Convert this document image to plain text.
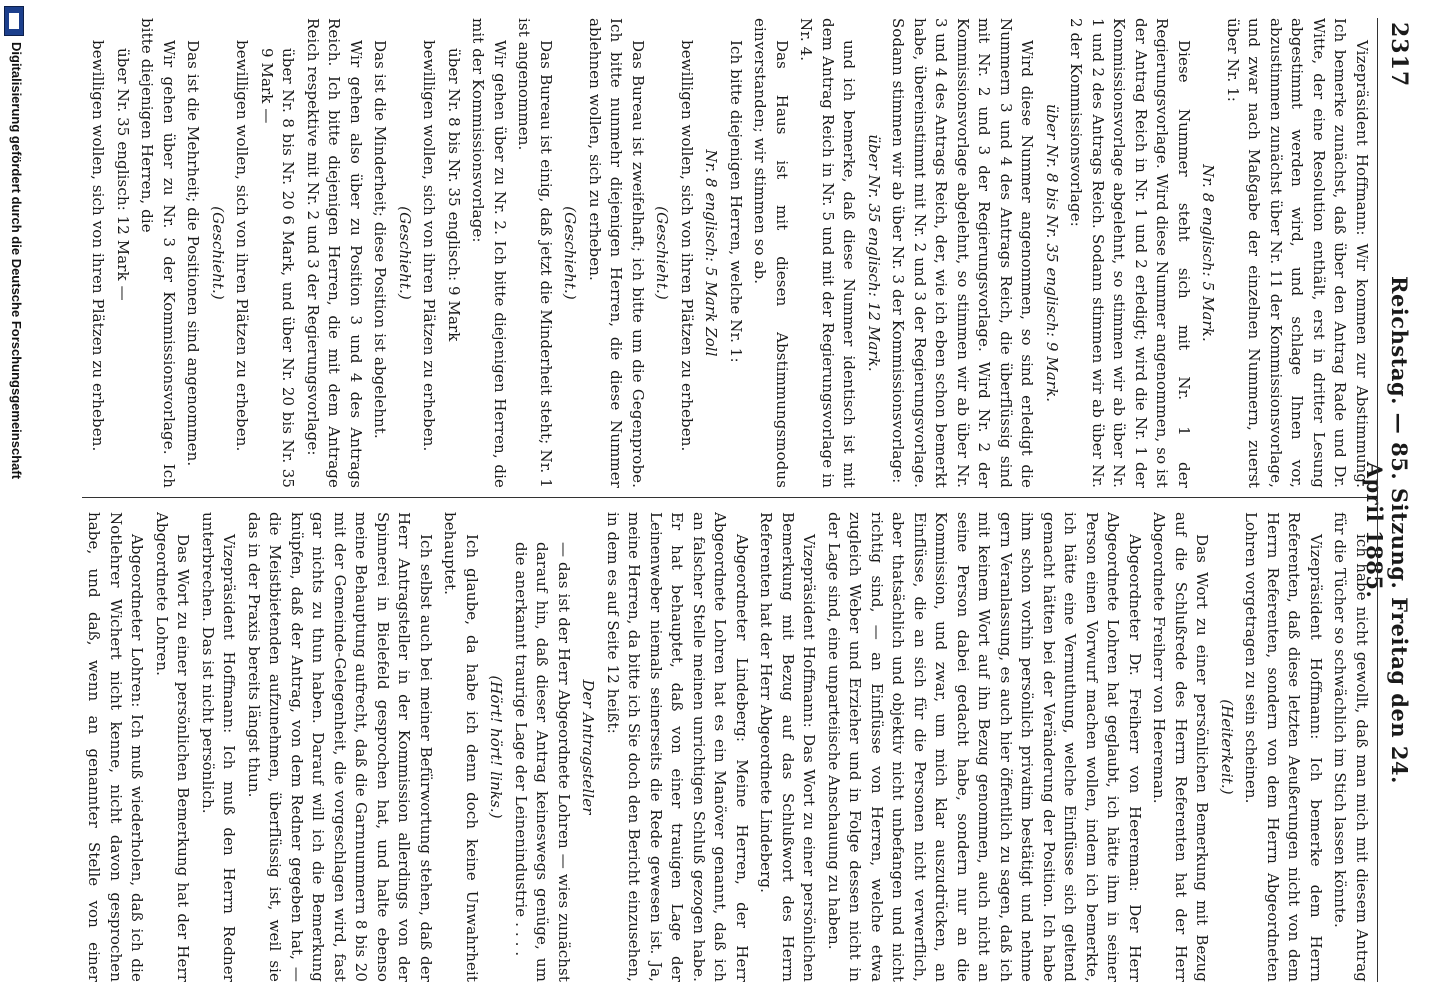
2317
Reichstag. — 85. Sitzung. Freitag den 24. April 1885.

Vizepräsident Hoffmann: Wir kommen zur Abstimmung. Ich bemerke zunächst, daß über den Antrag Rade und Dr. Witte, der eine Resolution enthält, erst in dritter Lesung abgestimmt werden wird, und schlage Ihnen vor, abzustimmen zunächst über Nr. 11 der Kommissionsvorlage, und zwar nach Maßgabe der einzelnen Nummern, zuerst über Nr. 1:

Nr. 8 englisch: 5 Mark.

Diese Nummer steht sich mit Nr. 1 der Regierungsvorlage. Wird diese Nummer angenommen, so ist der Antrag Reich in Nr. 1 und 2 erledigt; wird die Nr. 1 der Kommissionsvorlage abgelehnt, so stimmen wir ab über Nr. 1 und 2 des Antrags Reich. Sodann stimmen wir ab über Nr. 2 der Kommissionsvorlage:

über Nr. 8 bis Nr. 35 englisch: 9 Mark.

Wird diese Nummer angenommen, so sind erledigt die Nummern 3 und 4 des Antrags Reich, die überflüssig sind mit Nr. 2 und 3 der Regierungsvorlage. Wird Nr. 2 der Kommissionsvorlage abgelehnt, so stimmen wir ab über Nr. 3 und 4 des Antrags Reich, der, wie ich eben schon bemerkt habe, übereinstimmt mit Nr. 2 und 3 der Regierungsvorlage. Sodann stimmen wir ab über Nr. 3 der Kommissionsvorlage:

über Nr. 35 englisch: 12 Mark.

und ich bemerke, daß diese Nummer identisch ist mit dem Antrag Reich in Nr. 5 und mit der Regierungsvorlage in Nr. 4.

Das Haus ist mit diesen Abstimmungsmodus einverstanden; wir stimmen so ab.

Ich bitte diejenigen Herren, welche Nr. 1:

Nr. 8 englisch: 5 Mark Zoll

bewilligen wollen, sich von ihren Plätzen zu erheben.

(Geschieht.)

Das Bureau ist zweifelhaft; ich bitte um die Gegenprobe. Ich bitte nunmehr diejenigen Herren, die diese Nummer ablehnen wollen, sich zu erheben.

(Geschieht.)

Das Bureau ist einig, daß jetzt die Minderheit steht; Nr. 1 ist angenommen.

Wir gehen über zu Nr. 2. Ich bitte diejenigen Herren, die mit der Kommissionsvorlage:

über Nr. 8 bis Nr. 35 englisch: 9 Mark

bewilligen wollen, sich von ihren Plätzen zu erheben.

(Geschieht.)

Das ist die Minderheit; diese Position ist abgelehnt.

Wir gehen also über zu Position 3 und 4 des Antrags Reich. Ich bitte diejenigen Herren, die mit dem Antrage Reich respektive mit Nr. 2 und 3 der Regierungsvorlage:

über Nr. 8 bis Nr. 20 6 Mark, und über Nr. 20 bis Nr. 35 9 Mark —

bewilligen wollen, sich von ihren Plätzen zu erheben.

(Geschieht.)

Das ist die Mehrheit; die Positionen sind angenommen.

Wir gehen über zu Nr. 3 der Kommissionsvorlage. Ich bitte diejenigen Herren, die

über Nr. 35 englisch: 12 Mark —

bewilligen wollen, sich von ihren Plätzen zu erheben.

ich habe nicht gewollt, daß man mich mit diesem Antrag für die Tücher so schwächlich im Stich lassen könnte.

Vizepräsident Hoffmann: Ich bemerke dem Herrn Referenten, daß diese letzten Aeußerungen nicht von dem Herrn Referenten, sondern von dem Herrn Abgeordneten Lohren vorgetragen zu sein scheinen.

(Heiterkeit.)

Das Wort zu einer persönlichen Bemerkung mit Bezug auf die Schlußrede des Herrn Referenten hat der Herr Abgeordnete Freiherr von Heereman.

Abgeordneter Dr. Freiherr von Heereman: Der Herr Abgeordnete Lohren hat geglaubt, ich hätte ihm in seiner Person einen Vorwurf machen wollen, indem ich bemerkte, ich hätte eine Vermuthung, welche Einflüsse sich geltend gemacht hätten bei der Veränderung der Position. Ich habe ihm schon vorhin persönlich privatim bestätigt und nehme gern Veranlassung, es auch hier öffentlich zu sagen, daß ich mit keinem Wort auf ihn Bezug genommen, auch nicht an seine Person dabei gedacht habe, sondern nur an die Kommission, und zwar, um mich klar auszudrücken, an Einflüsse, die an sich für die Personen nicht verwerflich, aber thatsächlich und objektiv nicht unbefangen und nicht richtig sind, — an Einflüsse von Herren, welche etwa zugleich Weber und Erzieher und in Folge dessen nicht in der Lage sind, eine unparteiische Anschauung zu haben.

Vizepräsident Hoffmann: Das Wort zu einer persönlichen Bemerkung mit Bezug auf das Schlußwort des Herrn Referenten hat der Herr Abgeordnete Lindeberg.

Abgeordneter Lindeberg: Meine Herren, der Herr Abgeordnete Lohren hat es ein Manöver genannt, daß ich an falscher Stelle meinen unrichtigen Schluß gezogen habe. Er hat behauptet, daß von einer trauigen Lage der Leinenweber niemals seinerseits die Rede gewesen ist. Ja, meine Herren, da bitte ich Sie doch den Bericht einzusehen, in dem es auf Seite 12 heißt:

Der Antragsteller

— das ist der Herr Abgeordnete Lohren — wies zunächst darauf hin, daß dieser Antrag keineswegs genüge, um die anerkannt traurige Lage der Leinenindustrie . . . .

(Hört! hört! links.)

Ich glaube, da habe ich denn doch keine Unwahrheit behauptet.

Ich selbst auch bei meiner Befürwortung stehen, daß der Herr Antragsteller in der Kommission allerdings von der Spinnerei in Bielefeld gesprochen hat, und halte ebenso meine Behauptung aufrecht, daß die Garnnummern 8 bis 20 mit der Gemeinde-Gelegenheit, die vorgeschlagen wird, fast gar nichts zu thun haben. Darauf will ich die Bemerkung knüpfen, daß der Antrag, von dem Redner gegeben hat, — die Meistbietenden aufzunehmen, überflüssig ist, weil sie das in der Praxis bereits längst thun.

Vizepräsident Hoffmann: Ich muß den Herrn Redner unterbrechen. Das ist nicht persönlich.

Das Wort zu einer persönlichen Bemerkung hat der Herr Abgeordnete Lohren.

Abgeordneter Lohren: Ich muß wiederholen, daß ich die Notlehrer Wichert nicht kenne, nicht davon gesprochen habe, und daß, wenn an genannter Stelle von einer

Digitalisierung gefördert durch die Deutsche Forschungsgemeinschaft
